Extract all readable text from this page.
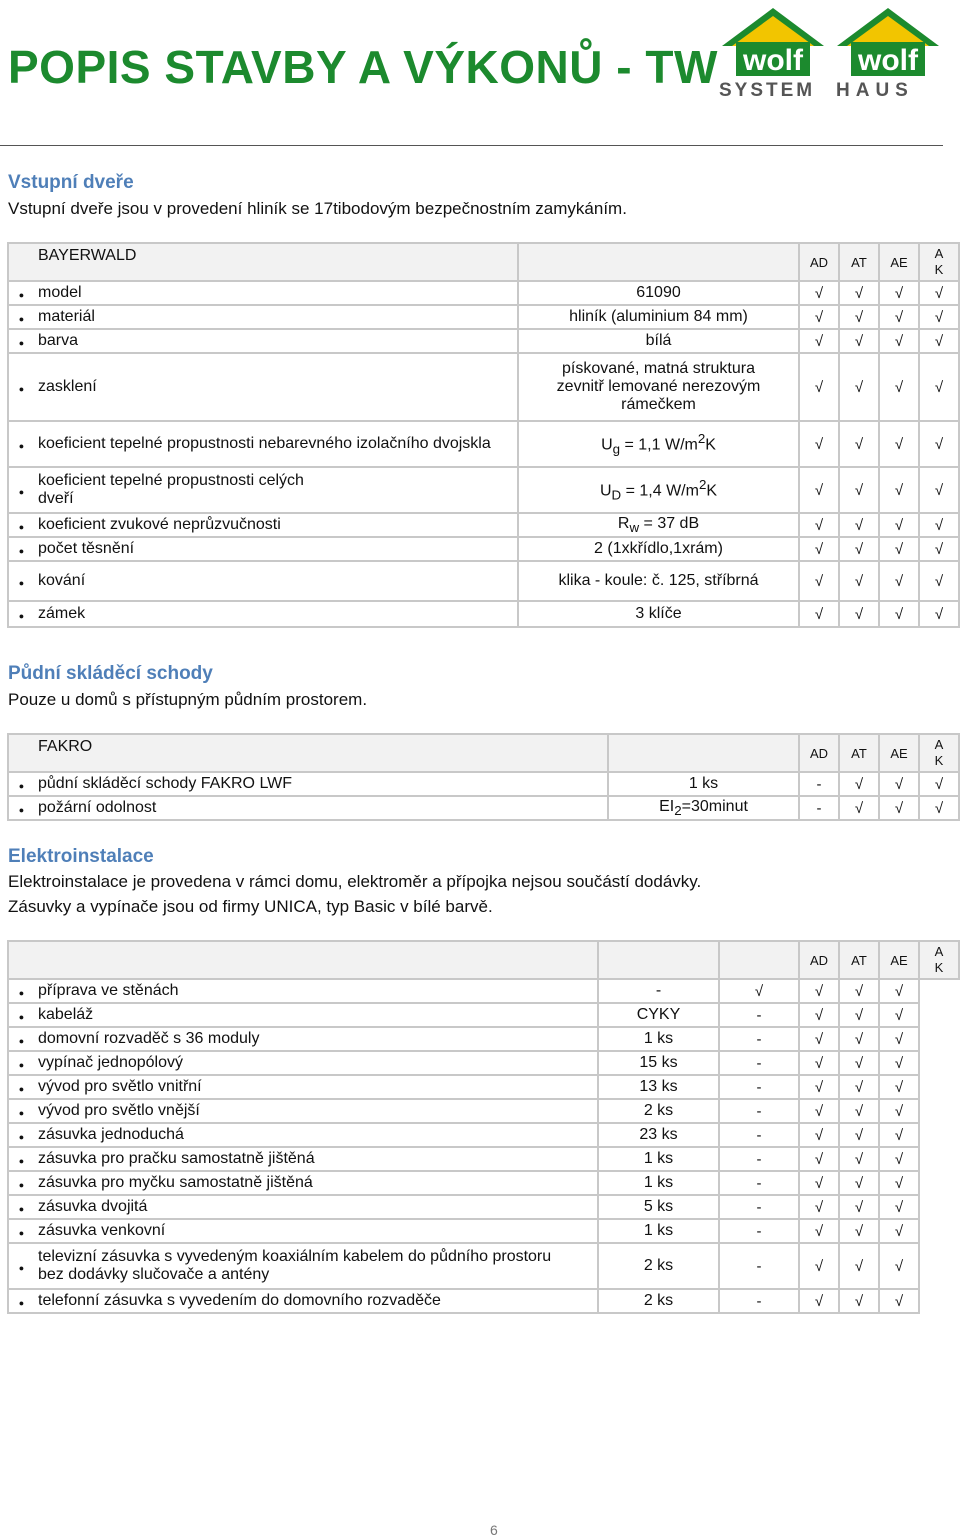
POPIS STAVBY A VÝKONŮ - TW wolf
SYSTEM
wolf
HAUS
Vstupní dveře
Vstupní dveře jsou v provedení hliník se 17tibodovým bezpečnostním zamykáním.
	BAYERWALD		AD	AT	AE	A
K
●	model	61090	√	√	√	√
●	materiál	hliník (aluminium 84 mm)	√	√	√	√
●	barva	bílá	√	√	√	√
●	zasklení	pískované, matná struktura zevnitř lemované nerezovým rámečkem	√	√	√	√
●	koeficient tepelné propustnosti nebarevného izolačního dvojskla	$U_g = 1,1$ $W/m^2K$	√	√	√	√
●	koeficient tepelné propustnosti celých dveří	$U_D = 1,4$ $W/m^2K$	√	√	√	√
●	koeficient zvukové neprůzvučnosti	$R_w = 37$ dB	√	√	√	√
●	počet těsnění	2 (1xkřídlo,1xrám)	√	√	√	√
●	kování	klika - koule: č. 125, stříbrná	√	√	√	√
●	zámek	3 klíče	√	√	√	√
Půdní skláděcí schody
Pouze u domů s přístupným půdním prostorem.
	FAKRO		AD	AT	AE	A
K
●	půdní skláděcí schody FAKRO LWF	1 ks	-	√	√	√
●	požární odolnost	$EI_2=30minut$	-	√	√	√
Elektroinstalace
Elektroinstalace je provedena v rámci domu, elektroměr a přípojka nejsou součástí dodávky.
Zásuvky a vypínače jsou od firmy UNICA, typ Basic v bílé barvě.
				AD	AT	AE	A
K
●	příprava ve stěnách	-	√	√	√	√	
●	kabeláž	CYKY	-	√	√	√	
●	domovní rozvaděč s 36 moduly	1 ks	-	√	√	√	
●	vypínač jednopólový	15 ks	-	√	√	√	
●	vývod pro světlo vnitřní	13 ks	-	√	√	√	
●	vývod pro světlo vnější	2 ks	-	√	√	√	
●	zásuvka jednoduchá	23 ks	-	√	√	√	
●	zásuvka pro pračku samostatně jištěná	1 ks	-	√	√	√	
●	zásuvka pro myčku samostatně jištěná	1 ks	-	√	√	√	
●	zásuvka dvojitá	5 ks	-	√	√	√	
●	zásuvka venkovní	1 ks	-	√	√	√	
●	televizní zásuvka s vyvedeným koaxiálním kabelem do půdního prostoru bez dodávky slučovače a antény	2 ks	-	√	√	√	
●	telefonní zásuvka s vyvedením do domovního rozvaděče	2 ks	-	√	√	√	
6
